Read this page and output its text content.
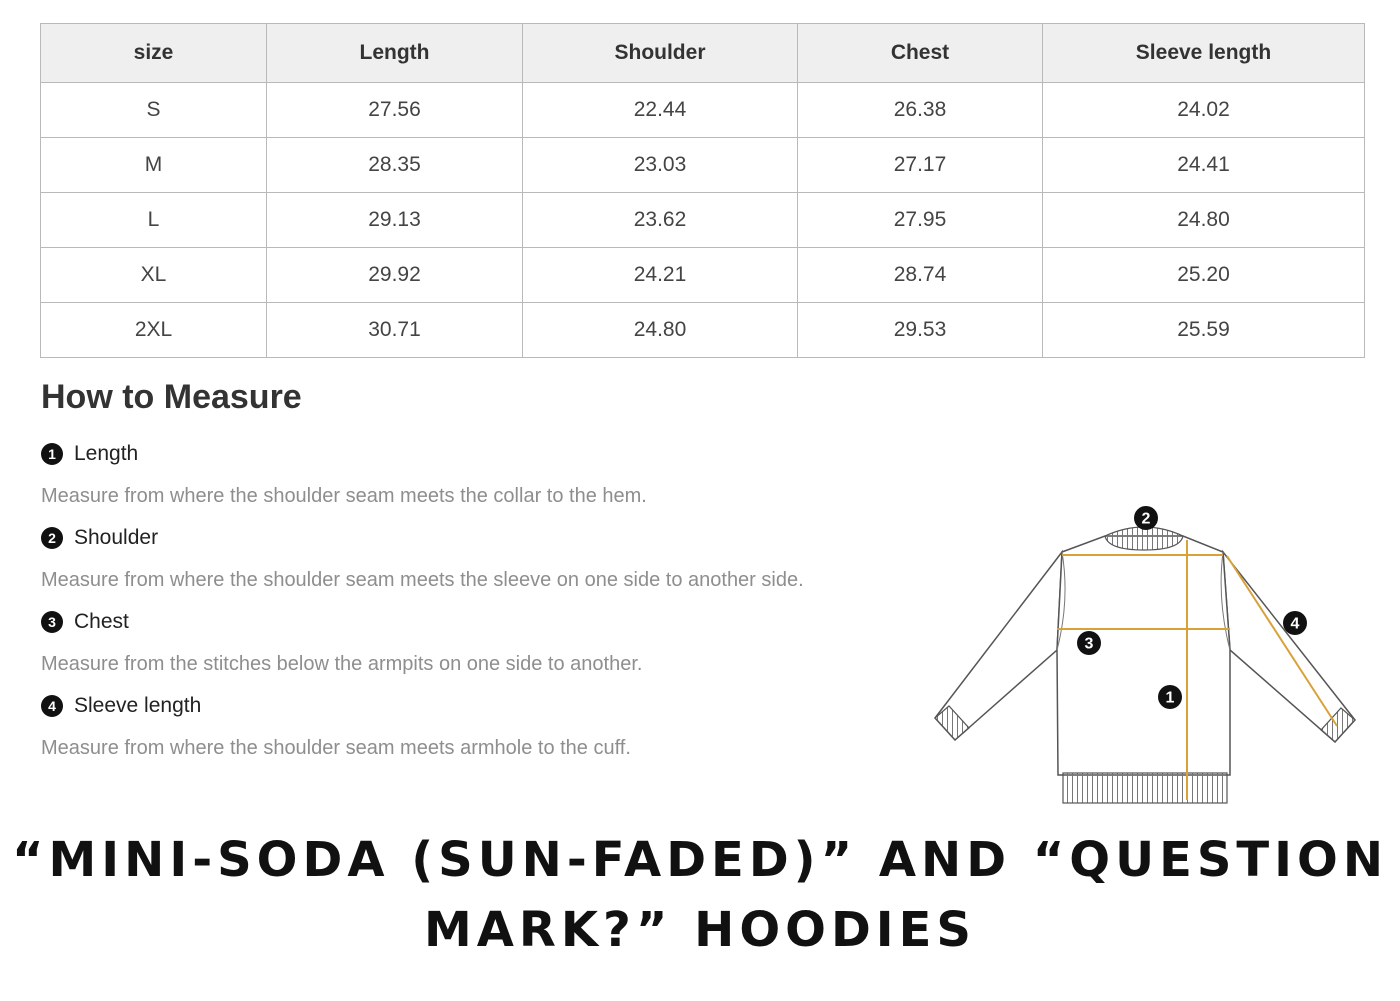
size	Length	Shoulder	Chest	Sleeve length
S	27.56	22.44	26.38	24.02
M	28.35	23.03	27.17	24.41
L	29.13	23.62	27.95	24.80
XL	29.92	24.21	28.74	25.20
2XL	30.71	24.80	29.53	25.59
How to Measure
1 Length
Measure from where the shoulder seam meets the collar to the hem.
2 Shoulder
Measure from where the shoulder seam meets the sleeve on one side to another side.
3 Chest
Measure from the stitches below the armpits on one side to another.
4 Sleeve length
Measure from where the shoulder seam meets armhole to the cuff.
2
4
3
1
“MINI-SODA (SUN-FADED)” AND “QUESTION
MARK?” HOODIES
